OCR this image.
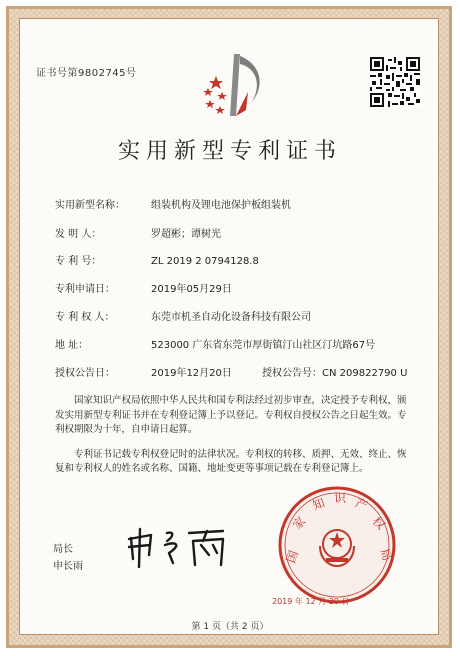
证书号第9802745号
实用新型专利证书
实用新型名称：	组装机构及锂电池保护板组装机
发 明 人：	罗超彬；谭树光
专 利 号：	ZL 2019 2 0794128.8
专利申请日：	2019年05月29日
专 利 权 人：	东莞市机圣自动化设备科技有限公司
地 址：	523000 广东省东莞市厚街镇汀山社区汀坑路67号
授权公告日：	2019年12月20日	授权公告号：CN 209822790 U

国家知识产权局依照中华人民共和国专利法经过初步审查，决定授予专利权，颁发实用新型专利证书并在专利登记簿上予以登记。专利权自授权公告之日起生效。专利权期限为十年，自申请日起算。

专利证书记载专利权登记时的法律状况。专利权的转移、质押、无效、终止、恢复和专利权人的姓名或名称、国籍、地址变更等事项记载在专利登记簿上。

局长
申长雨
国
家
知 识 产
权
局
2019 年 12 月 20 日
第 1 页（共 2 页）
